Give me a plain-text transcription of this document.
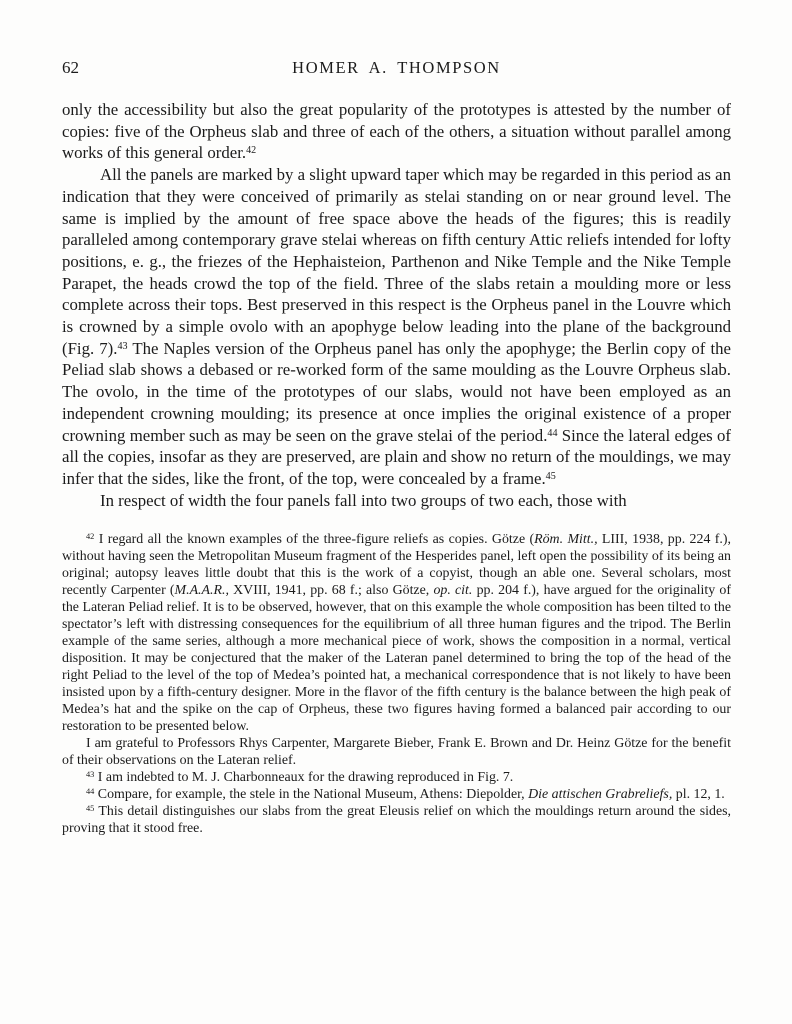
62	HOMER A. THOMPSON

only the accessibility but also the great popularity of the prototypes is attested by the number of copies: five of the Orpheus slab and three of each of the others, a situation without parallel among works of this general order.$^{42}$

All the panels are marked by a slight upward taper which may be regarded in this period as an indication that they were conceived of primarily as stelai standing on or near ground level. The same is implied by the amount of free space above the heads of the figures; this is readily paralleled among contemporary grave stelai whereas on fifth century Attic reliefs intended for lofty positions, e. g., the friezes of the Hephaisteion, Parthenon and Nike Temple and the Nike Temple Parapet, the heads crowd the top of the field. Three of the slabs retain a moulding more or less complete across their tops. Best preserved in this respect is the Orpheus panel in the Louvre which is crowned by a simple ovolo with an apophyge below leading into the plane of the background (Fig. 7).$^{43}$ The Naples version of the Orpheus panel has only the apophyge; the Berlin copy of the Peliad slab shows a debased or re-worked form of the same moulding as the Louvre Orpheus slab. The ovolo, in the time of the prototypes of our slabs, would not have been employed as an independent crowning moulding; its presence at once implies the original existence of a proper crowning member such as may be seen on the grave stelai of the period.$^{44}$ Since the lateral edges of all the copies, insofar as they are preserved, are plain and show no return of the mouldings, we may infer that the sides, like the front, of the top, were concealed by a frame.$^{45}$

In respect of width the four panels fall into two groups of two each, those with

$^{42}$ I regard all the known examples of the three-figure reliefs as copies. Götze (Röm. Mitt., LIII, 1938, pp. 224 f.), without having seen the Metropolitan Museum fragment of the Hesperides panel, left open the possibility of its being an original; autopsy leaves little doubt that this is the work of a copyist, though an able one. Several scholars, most recently Carpenter (M.A.A.R., XVIII, 1941, pp. 68 f.; also Götze, op. cit. pp. 204 f.), have argued for the originality of the Lateran Peliad relief. It is to be observed, however, that on this example the whole composition has been tilted to the spectator’s left with distressing consequences for the equilibrium of all three human figures and the tripod. The Berlin example of the same series, although a more mechanical piece of work, shows the composition in a normal, vertical disposition. It may be conjectured that the maker of the Lateran panel determined to bring the top of the head of the right Peliad to the level of the top of Medea’s pointed hat, a mechanical correspondence that is not likely to have been insisted upon by a fifth-century designer. More in the flavor of the fifth century is the balance between the high peak of Medea’s hat and the spike on the cap of Orpheus, these two figures having formed a balanced pair according to our restoration to be presented below.

I am grateful to Professors Rhys Carpenter, Margarete Bieber, Frank E. Brown and Dr. Heinz Götze for the benefit of their observations on the Lateran relief.

$^{43}$ I am indebted to M. J. Charbonneaux for the drawing reproduced in Fig. 7.

$^{44}$ Compare, for example, the stele in the National Museum, Athens: Diepolder, Die attischen Grabreliefs, pl. 12, 1.

$^{45}$ This detail distinguishes our slabs from the great Eleusis relief on which the mouldings return around the sides, proving that it stood free.
